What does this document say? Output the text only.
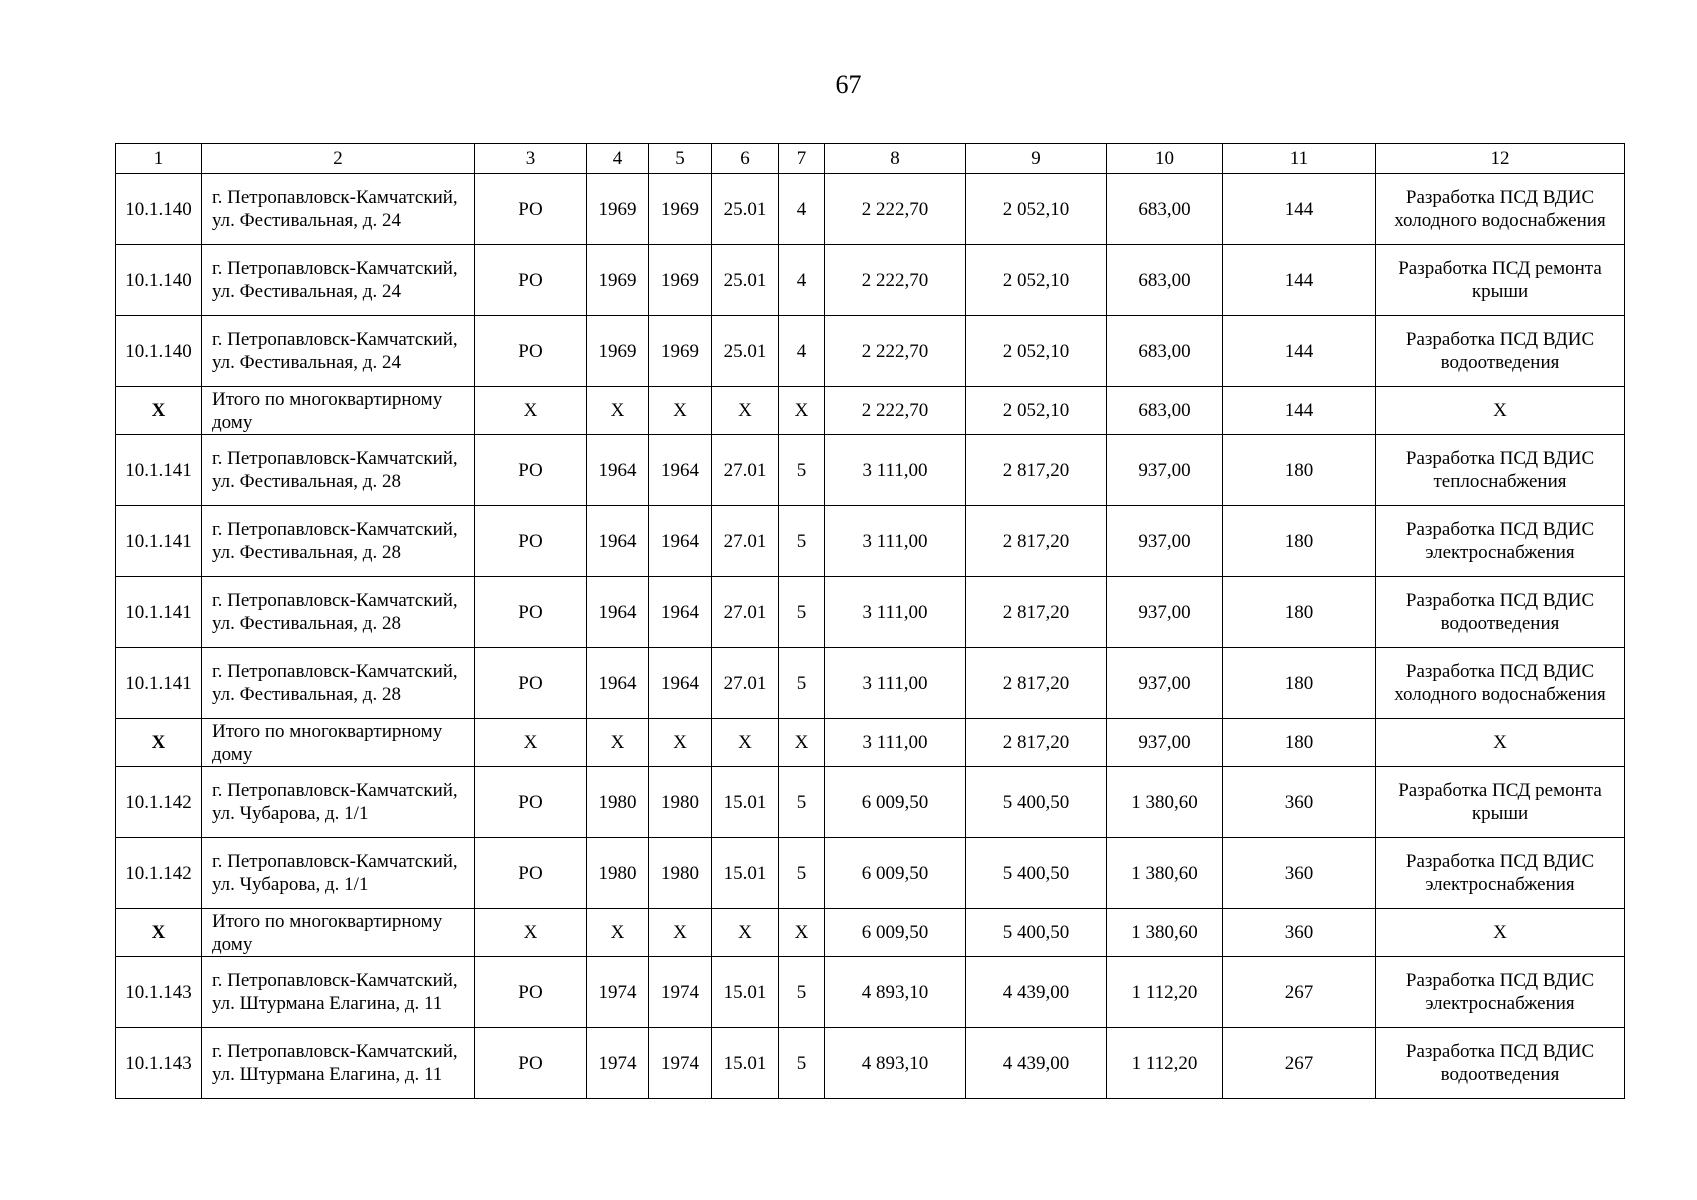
67
1	2	3	4	5	6	7	8	9	10	11	12
10.1.140	г. Петропавловск-Камчатский, ул. Фестивальная, д. 24	РО	1969	1969	25.01	4	2 222,70	2 052,10	683,00	144	Разработка ПСД ВДИС холодного водоснабжения
10.1.140	г. Петропавловск-Камчатский, ул. Фестивальная, д. 24	РО	1969	1969	25.01	4	2 222,70	2 052,10	683,00	144	Разработка ПСД ремонта крыши
10.1.140	г. Петропавловск-Камчатский, ул. Фестивальная, д. 24	РО	1969	1969	25.01	4	2 222,70	2 052,10	683,00	144	Разработка ПСД ВДИС водоотведения
Х	Итого по многоквартирному дому	Х	Х	Х	Х	Х	2 222,70	2 052,10	683,00	144	Х
10.1.141	г. Петропавловск-Камчатский, ул. Фестивальная, д. 28	РО	1964	1964	27.01	5	3 111,00	2 817,20	937,00	180	Разработка ПСД ВДИС теплоснабжения
10.1.141	г. Петропавловск-Камчатский, ул. Фестивальная, д. 28	РО	1964	1964	27.01	5	3 111,00	2 817,20	937,00	180	Разработка ПСД ВДИС электроснабжения
10.1.141	г. Петропавловск-Камчатский, ул. Фестивальная, д. 28	РО	1964	1964	27.01	5	3 111,00	2 817,20	937,00	180	Разработка ПСД ВДИС водоотведения
10.1.141	г. Петропавловск-Камчатский, ул. Фестивальная, д. 28	РО	1964	1964	27.01	5	3 111,00	2 817,20	937,00	180	Разработка ПСД ВДИС холодного водоснабжения
Х	Итого по многоквартирному дому	Х	Х	Х	Х	Х	3 111,00	2 817,20	937,00	180	Х
10.1.142	г. Петропавловск-Камчатский, ул. Чубарова, д. 1/1	РО	1980	1980	15.01	5	6 009,50	5 400,50	1 380,60	360	Разработка ПСД ремонта крыши
10.1.142	г. Петропавловск-Камчатский, ул. Чубарова, д. 1/1	РО	1980	1980	15.01	5	6 009,50	5 400,50	1 380,60	360	Разработка ПСД ВДИС электроснабжения
Х	Итого по многоквартирному дому	Х	Х	Х	Х	Х	6 009,50	5 400,50	1 380,60	360	Х
10.1.143	г. Петропавловск-Камчатский, ул. Штурмана Елагина, д. 11	РО	1974	1974	15.01	5	4 893,10	4 439,00	1 112,20	267	Разработка ПСД ВДИС электроснабжения
10.1.143	г. Петропавловск-Камчатский, ул. Штурмана Елагина, д. 11	РО	1974	1974	15.01	5	4 893,10	4 439,00	1 112,20	267	Разработка ПСД ВДИС водоотведения
